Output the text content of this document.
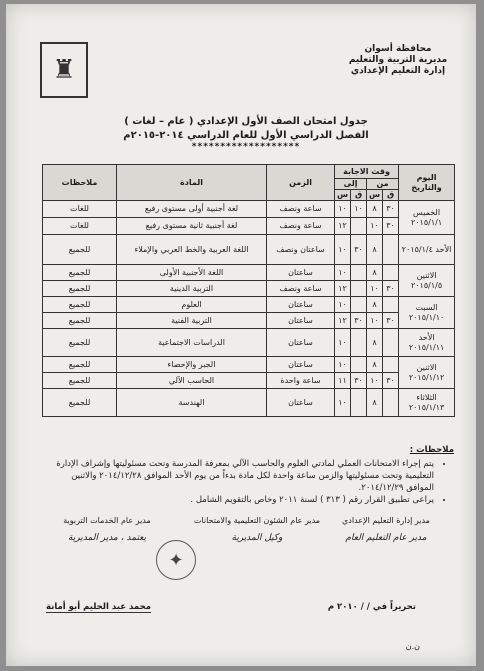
محافظة أسوان
مديرية التربية والتعليم
إدارة التعليم الإعدادي
♜
جدول امتحان الصف الأول الإعدادي ( عام – لغات )
الفصل الدراسي الأول للعام الدراسي ٢٠١٤-٢٠١٥م
*******************
اليوم والتاريخ	وقت الاجابة				الزمن	المادة	ملاحظات
	من		إلى				
	ق	س	ق	س			
الخميس ٢٠١٥/١/١	٣٠	٨	١٠	١٠	ساعة ونصف	لغة أجنبية أولى مستوى رفيع	للغات
	٣٠	١٠		١٢	ساعة ونصف	لغة أجنبية ثانية مستوى رفيع	للغات
الأحد ٢٠١٥/١/٤		٨	٣٠	١٠	ساعتان ونصف	اللغة العربية والخط العربي والإملاء	للجميع
الاثنين ٢٠١٥/١/٥		٨		١٠	ساعتان	اللغة الأجنبية الأولى	للجميع
	٣٠	١٠		١٢	ساعة ونصف	التربية الدينية	للجميع
السبت ٢٠١٥/١/١٠		٨		١٠	ساعتان	العلوم	للجميع
	٣٠	١٠	٣٠	١٢	ساعتان	التربية الفنية	للجميع
الأحد ٢٠١٥/١/١١		٨		١٠	ساعتان	الدراسات الاجتماعية	للجميع
الاثنين ٢٠١٥/١/١٢		٨		١٠	ساعتان	الجبر والإحصاء	للجميع
	٣٠	١٠	٣٠	١١	ساعة واحدة	الحاسب الآلي	للجميع
الثلاثاء ٢٠١٥/١/١٣		٨		١٠	ساعتان	الهندسة	للجميع
ملاحظات :
• يتم إجراء الامتحانات العملي لمادتي العلوم والحاسب الآلي بمعرفة المدرسة وتحت مسئوليتها وإشراف الإدارة التعليمية وتحت مسئوليتها والزمن ساعة واحدة لكل مادة بدءاً من يوم الأحد الموافق ٢٠١٤/١٢/٢٨ والاثنين الموافق ٢٠١٤/١٢/٢٩.
• يراعى تطبيق القرار رقم ( ٣١٣ ) لسنة ٢٠١١ وخاص بالتقويم الشامل .
مدير إدارة التعليم الإعدادي
مدير عام التعليم العام
مدير عام الشئون التعليمية والامتحانات
وكيل المديرية
مدير عام الخدمات التربوية
يعتمد ، مدير المديرية
✦
محمد عبد الحليم أبو أمانة	تحريراً في / / ٢٠١٠ م
ن.ن
